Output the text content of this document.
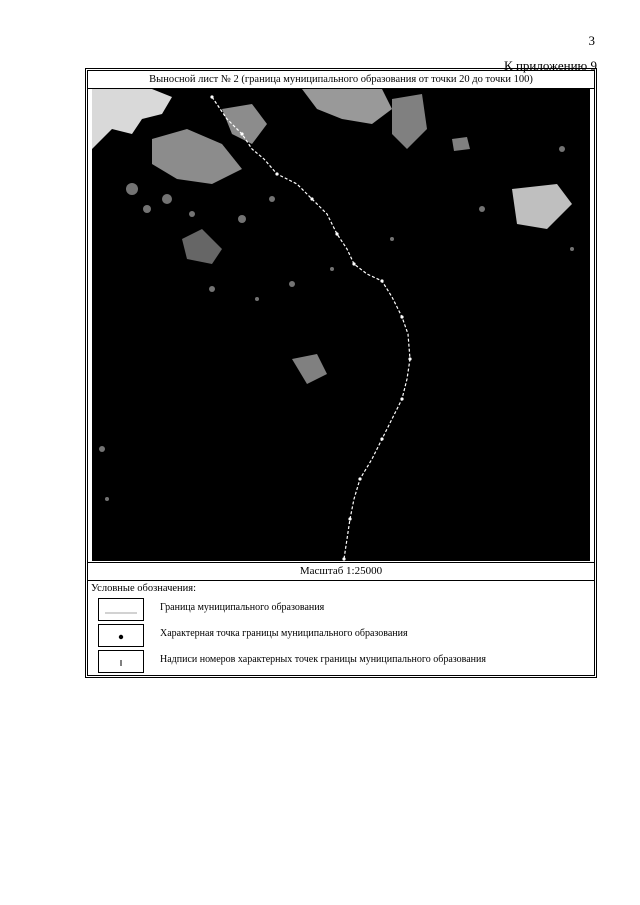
3
К приложению 9
Выносной лист № 2 (граница муниципального образования от точки 20 до точки 100)
Масштаб 1:25000
Условные обозначения:
Граница муниципального образования
Характерная точка границы муниципального образования
Надписи номеров характерных точек границы муниципального образования
